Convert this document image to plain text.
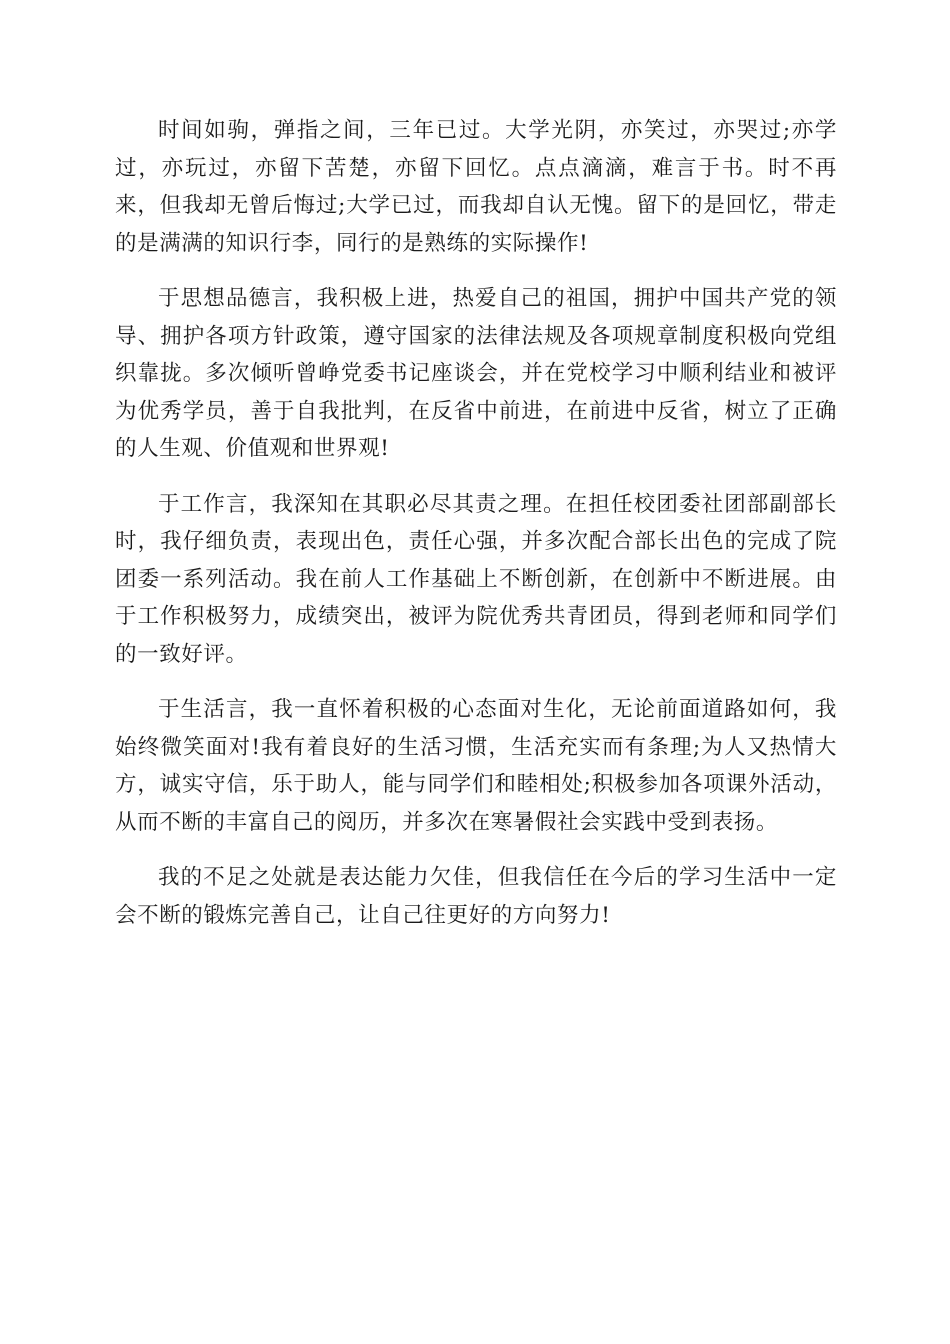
时间如驹，弹指之间，三年已过。大学光阴，亦笑过，亦哭过;亦学过，亦玩过，亦留下苦楚，亦留下回忆。点点滴滴，难言于书。时不再来，但我却无曾后悔过;大学已过，而我却自认无愧。留下的是回忆，带走的是满满的知识行李，同行的是熟练的实际操作!

于思想品德言，我积极上进，热爱自己的祖国，拥护中国共产党的领导、拥护各项方针政策，遵守国家的法律法规及各项规章制度积极向党组织靠拢。多次倾听曾峥党委书记座谈会，并在党校学习中顺利结业和被评为优秀学员，善于自我批判，在反省中前进，在前进中反省，树立了正确的人生观、价值观和世界观!

于工作言，我深知在其职必尽其责之理。在担任校团委社团部副部长时，我仔细负责，表现出色，责任心强，并多次配合部长出色的完成了院团委一系列活动。我在前人工作基础上不断创新，在创新中不断进展。由于工作积极努力，成绩突出，被评为院优秀共青团员，得到老师和同学们的一致好评。

于生活言，我一直怀着积极的心态面对生化，无论前面道路如何，我始终微笑面对!我有着良好的生活习惯，生活充实而有条理;为人又热情大方，诚实守信，乐于助人，能与同学们和睦相处;积极参加各项课外活动，从而不断的丰富自己的阅历，并多次在寒暑假社会实践中受到表扬。

我的不足之处就是表达能力欠佳，但我信任在今后的学习生活中一定会不断的锻炼完善自己，让自己往更好的方向努力!
